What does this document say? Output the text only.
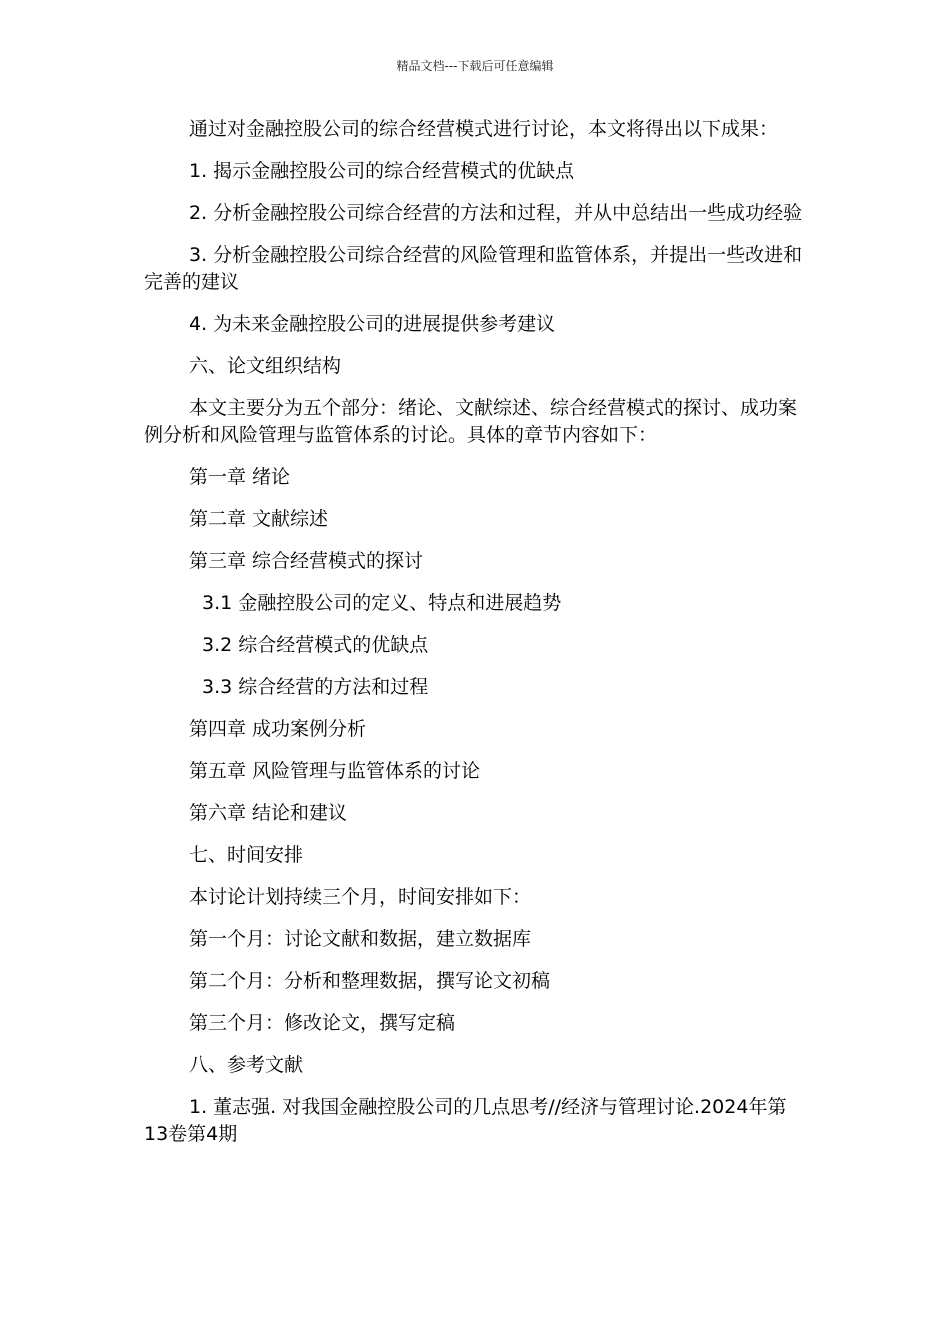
精品文档---下载后可任意编辑

通过对金融控股公司的综合经营模式进行讨论，本文将得出以下成果：

1. 揭示金融控股公司的综合经营模式的优缺点

2. 分析金融控股公司综合经营的方法和过程，并从中总结出一些成功经验

3. 分析金融控股公司综合经营的风险管理和监管体系，并提出一些改进和完善的建议

4. 为未来金融控股公司的进展提供参考建议

六、论文组织结构

本文主要分为五个部分：绪论、文献综述、综合经营模式的探讨、成功案例分析和风险管理与监管体系的讨论。具体的章节内容如下：

第一章 绪论

第二章 文献综述

第三章 综合经营模式的探讨

3.1 金融控股公司的定义、特点和进展趋势

3.2 综合经营模式的优缺点

3.3 综合经营的方法和过程

第四章 成功案例分析

第五章 风险管理与监管体系的讨论

第六章 结论和建议

七、时间安排

本讨论计划持续三个月，时间安排如下：

第一个月：讨论文献和数据，建立数据库

第二个月：分析和整理数据，撰写论文初稿

第三个月：修改论文，撰写定稿

八、参考文献

1. 董志强. 对我国金融控股公司的几点思考//经济与管理讨论.2024年第13卷第4期
